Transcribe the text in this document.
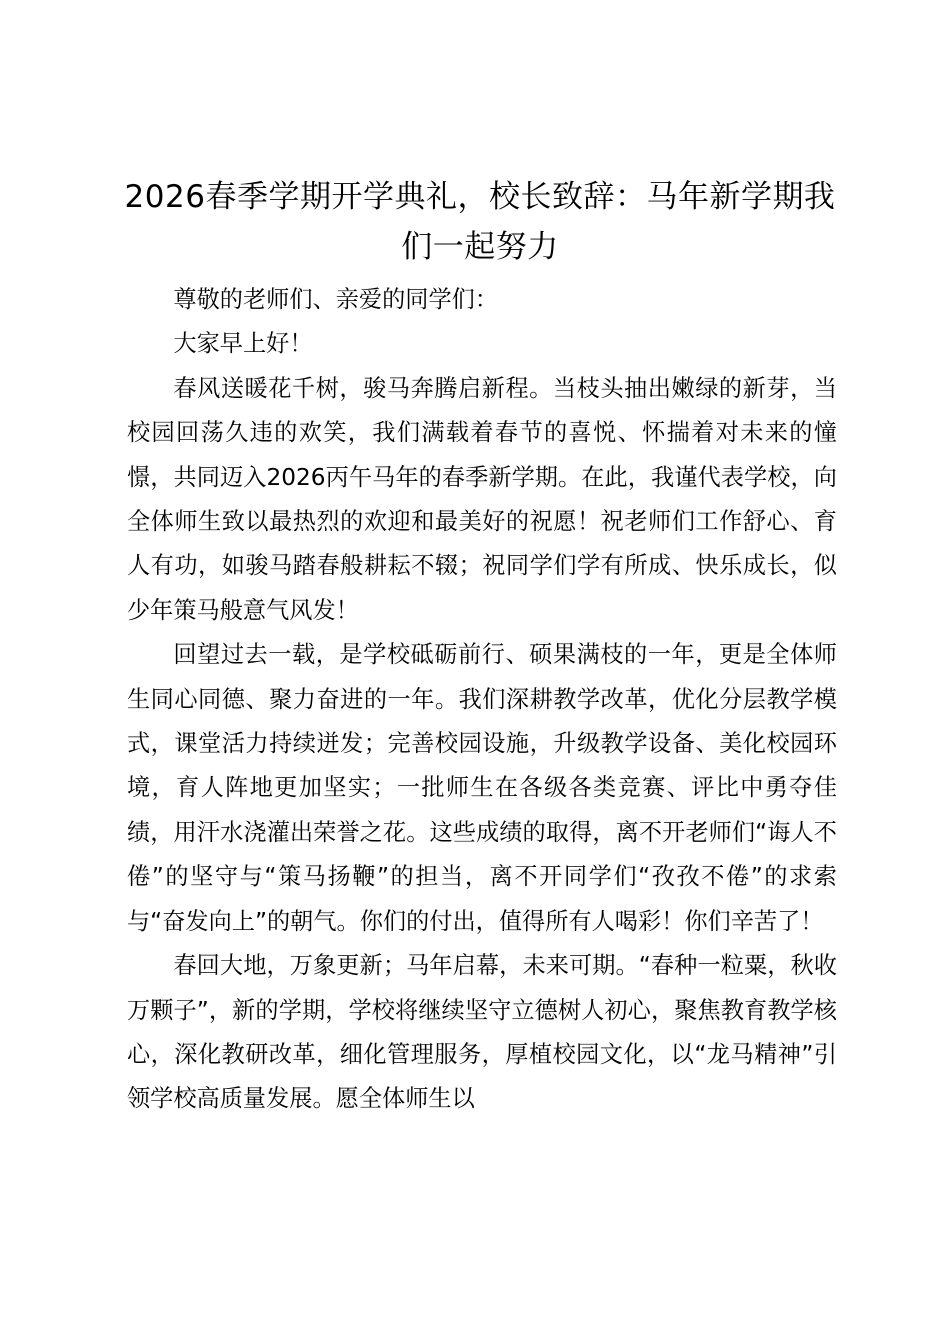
2026春季学期开学典礼，校长致辞：马年新学期我们一起努力

尊敬的老师们、亲爱的同学们：

大家早上好！

春风送暖花千树，骏马奔腾启新程。当枝头抽出嫩绿的新芽，当校园回荡久违的欢笑，我们满载着春节的喜悦、怀揣着对未来的憧憬，共同迈入2026丙午马年的春季新学期。在此，我谨代表学校，向全体师生致以最热烈的欢迎和最美好的祝愿！祝老师们工作舒心、育人有功，如骏马踏春般耕耘不辍；祝同学们学有所成、快乐成长，似少年策马般意气风发！

回望过去一载，是学校砥砺前行、硕果满枝的一年，更是全体师生同心同德、聚力奋进的一年。我们深耕教学改革，优化分层教学模式，课堂活力持续迸发；完善校园设施，升级教学设备、美化校园环境，育人阵地更加坚实；一批师生在各级各类竞赛、评比中勇夺佳绩，用汗水浇灌出荣誉之花。这些成绩的取得，离不开老师们“诲人不倦”的坚守与“策马扬鞭”的担当，离不开同学们“孜孜不倦”的求索与“奋发向上”的朝气。你们的付出，值得所有人喝彩！你们辛苦了！

春回大地，万象更新；马年启幕，未来可期。“春种一粒粟，秋收万颗子”，新的学期，学校将继续坚守立德树人初心，聚焦教育教学核心，深化教研改革，细化管理服务，厚植校园文化，以“龙马精神”引领学校高质量发展。愿全体师生以
